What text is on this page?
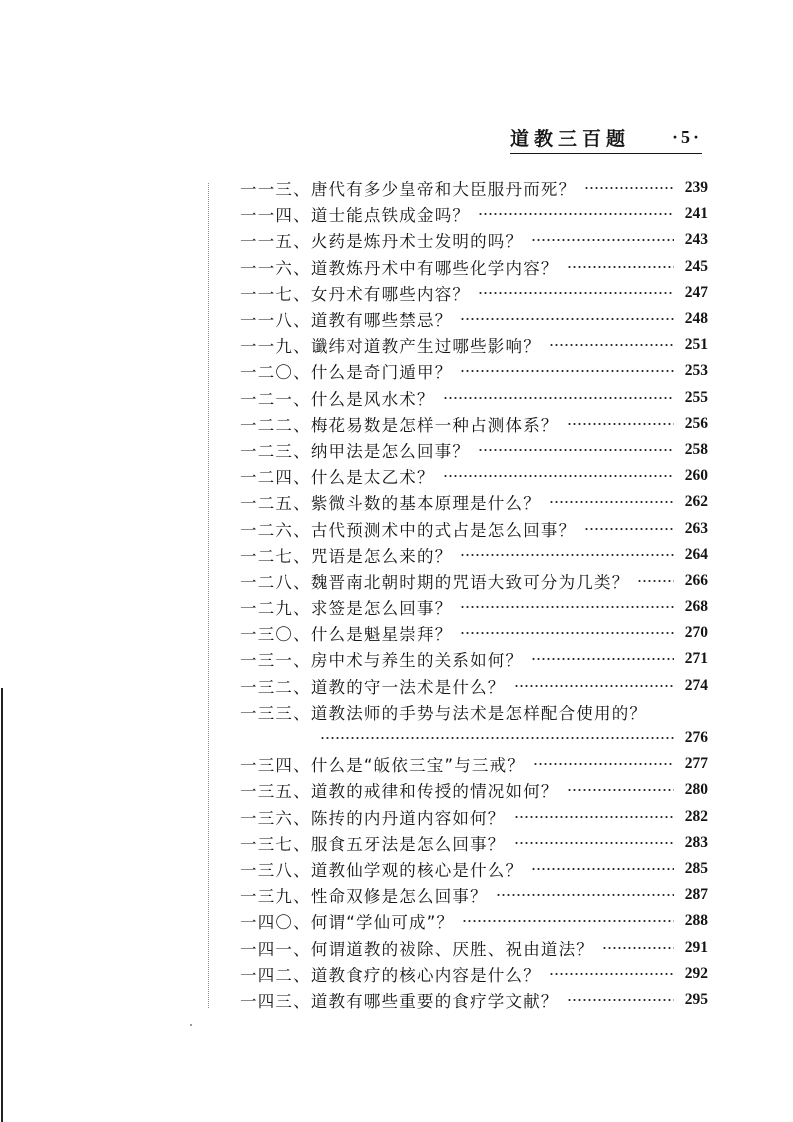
道教三百题 ·5·
一一三、 唐代有多少皇帝和大臣服丹而死？	239
一一四、 道士能点铁成金吗？	241
一一五、 火药是炼丹术士发明的吗？	243
一一六、 道教炼丹术中有哪些化学内容？	245
一一七、 女丹术有哪些内容？	247
一一八、 道教有哪些禁忌？	248
一一九、 谶纬对道教产生过哪些影响？	251
一二〇、 什么是奇门遁甲？	253
一二一、 什么是风水术？	255
一二二、 梅花易数是怎样一种占测体系？	256
一二三、 纳甲法是怎么回事？	258
一二四、 什么是太乙术？	260
一二五、 紫微斗数的基本原理是什么？	262
一二六、 古代预测术中的式占是怎么回事？	263
一二七、 咒语是怎么来的？	264
一二八、 魏晋南北朝时期的咒语大致可分为几类？	266
一二九、 求签是怎么回事？	268
一三〇、 什么是魁星崇拜？	270
一三一、 房中术与养生的关系如何？	271
一三二、 道教的守一法术是什么？	274
一三三、 道教法师的手势与法术是怎样配合使用的？
276
一三四、 什么是“皈依三宝”与三戒？	277
一三五、 道教的戒律和传授的情况如何？	280
一三六、 陈抟的内丹道内容如何？	282
一三七、 服食五牙法是怎么回事？	283
一三八、 道教仙学观的核心是什么？	285
一三九、 性命双修是怎么回事？	287
一四〇、 何谓“学仙可成”？	288
一四一、 何谓道教的祓除、厌胜、祝由道法？	291
一四二、 道教食疗的核心内容是什么？	292
一四三、 道教有哪些重要的食疗学文献？	295
